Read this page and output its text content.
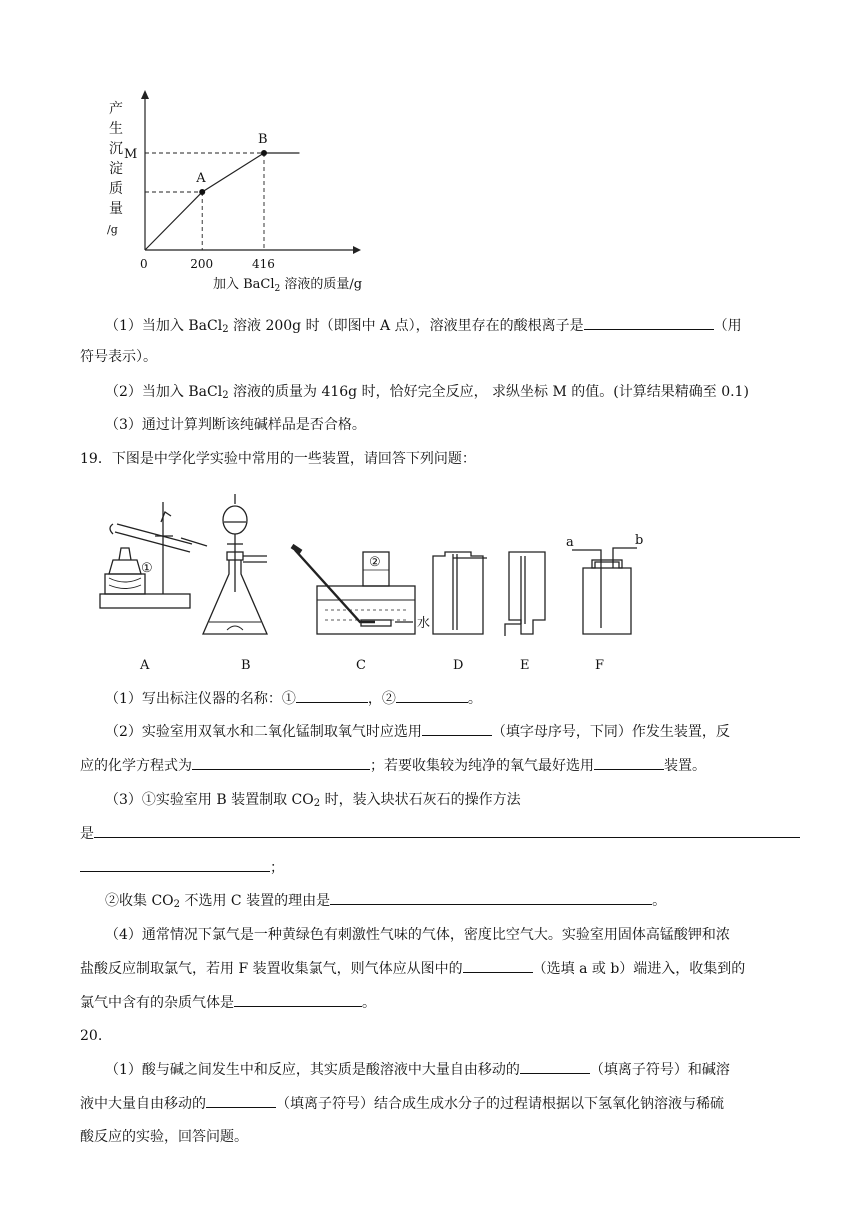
A
B
0	200	416
M
产
生
沉
淀
质
量
/g
加入 BaCl$_2$ 溶液的质量/g
（1）当加入 BaCl$_2$ 溶液 200g 时（即图中 A 点），溶液里存在的酸根离子是	（用
符号表示）。
（2）当加入 BaCl$_2$ 溶液的质量为 416g 时，恰好完全反应， 求纵坐标 M 的值。(计算结果精确至 0.1)
（3）通过计算判断该纯碱样品是否合格。
19．下图是中学化学实验中常用的一些装置，请回答下列问题：
A	B	C	D	E	F
①	②
水
a	b
（1）写出标注仪器的名称：①	，②	。
（2）实验室用双氧水和二氧化锰制取氧气时应选用	（填字母序号，下同）作发生装置，反
应的化学方程式为	；若要收集较为纯净的氧气最好选用	装置。
（3）①实验室用 B 装置制取 $CO_2$ 时，装入块状石灰石的操作方法
是
；
②收集 $CO_2$ 不选用 C 装置的理由是	。
（4）通常情况下氯气是一种黄绿色有刺激性气味的气体，密度比空气大。实验室用固体高锰酸钾和浓
盐酸反应制取氯气，若用 F 装置收集氯气，则气体应从图中的	（选填 a 或 b）端进入，收集到的
氯气中含有的杂质气体是	。
20.
（1）酸与碱之间发生中和反应，其实质是酸溶液中大量自由移动的	（填离子符号）和碱溶
液中大量自由移动的	（填离子符号）结合成生成水分子的过程请根据以下氢氧化钠溶液与稀硫
酸反应的实验，回答问题。
